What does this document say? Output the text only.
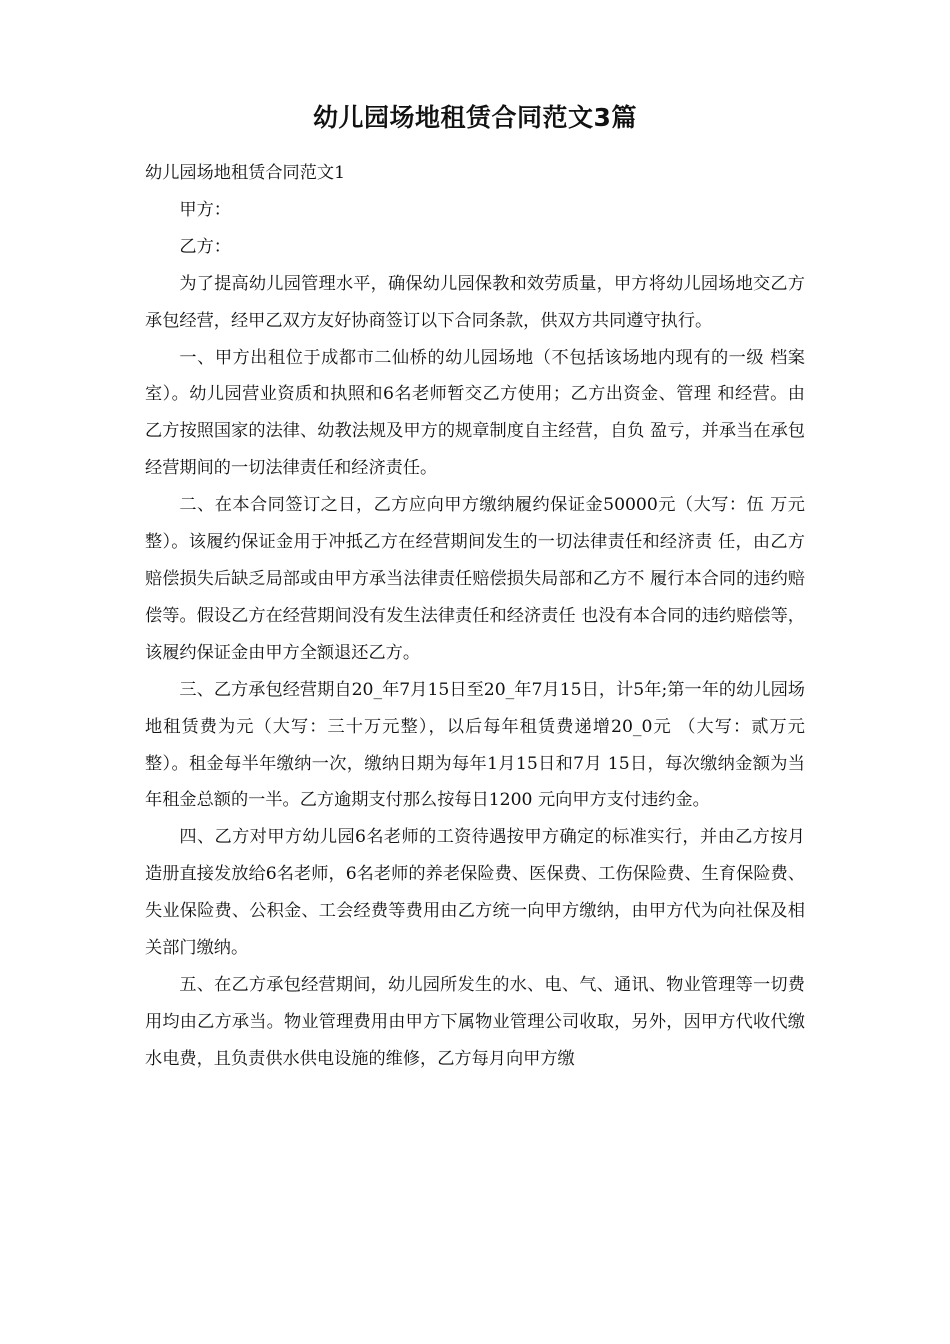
幼儿园场地租赁合同范文3篇

幼儿园场地租赁合同范文1

甲方：

乙方：

为了提高幼儿园管理水平，确保幼儿园保教和效劳质量，甲方将幼儿园场地交乙方承包经营，经甲乙双方友好协商签订以下合同条款，供双方共同遵守执行。

一、甲方出租位于成都市二仙桥的幼儿园场地（不包括该场地内现有的一级 档案室）。幼儿园营业资质和执照和6名老师暂交乙方使用；乙方出资金、管理 和经营。由乙方按照国家的法律、幼教法规及甲方的规章制度自主经营，自负 盈亏，并承当在承包经营期间的一切法律责任和经济责任。

二、在本合同签订之日，乙方应向甲方缴纳履约保证金50000元（大写：伍 万元整）。该履约保证金用于冲抵乙方在经营期间发生的一切法律责任和经济责 任，由乙方赔偿损失后缺乏局部或由甲方承当法律责任赔偿损失局部和乙方不 履行本合同的违约赔偿等。假设乙方在经营期间没有发生法律责任和经济责任 也没有本合同的违约赔偿等，该履约保证金由甲方全额退还乙方。

三、乙方承包经营期自20_年7月15日至20_年7月15日，计5年;第一年的幼儿园场地租赁费为元（大写：三十万元整），以后每年租赁费递增20_0元 （大写：贰万元整）。租金每半年缴纳一次，缴纳日期为每年1月15日和7月 15日，每次缴纳金额为当年租金总额的一半。乙方逾期支付那么按每日1200 元向甲方支付违约金。

四、乙方对甲方幼儿园6名老师的工资待遇按甲方确定的标准实行，并由乙方按月造册直接发放给6名老师，6名老师的养老保险费、医保费、工伤保险费、生育保险费、失业保险费、公积金、工会经费等费用由乙方统一向甲方缴纳，由甲方代为向社保及相关部门缴纳。

五、在乙方承包经营期间，幼儿园所发生的水、电、气、通讯、物业管理等一切费用均由乙方承当。物业管理费用由甲方下属物业管理公司收取，另外，因甲方代收代缴水电费，且负责供水供电设施的维修，乙方每月向甲方缴
